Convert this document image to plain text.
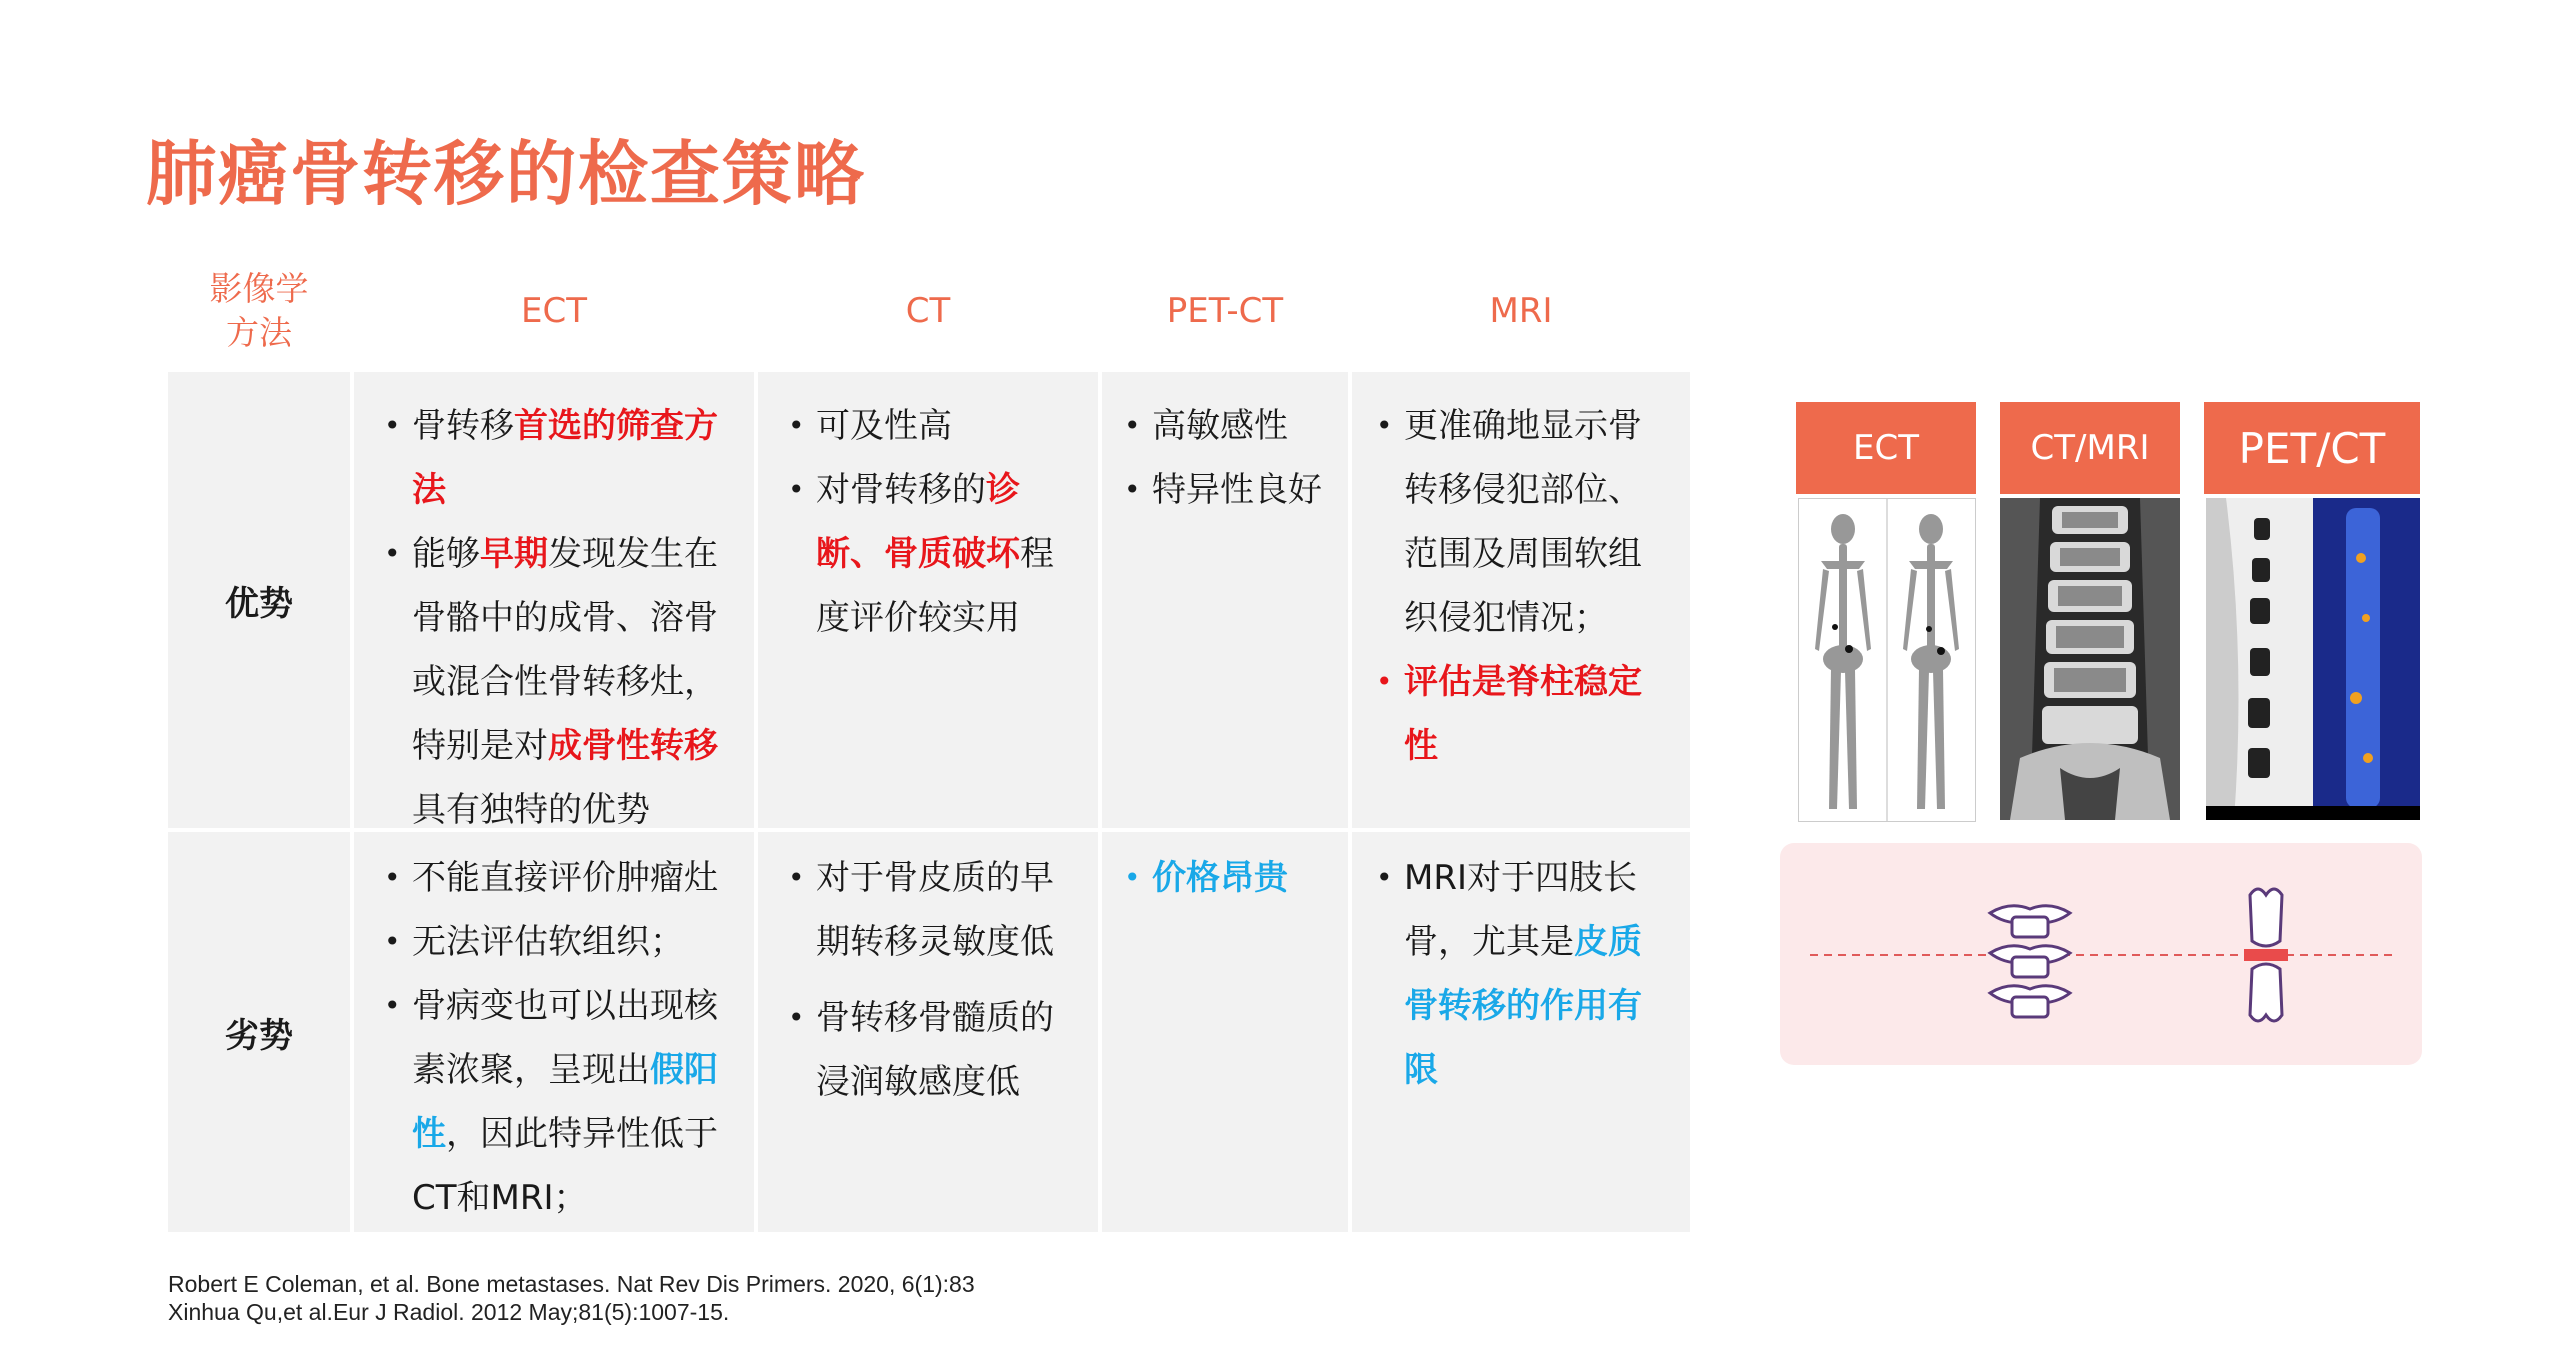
肺癌骨转移的检查策略
影像学
方法
ECT	CT	PET-CT	MRI
优势
• 骨转移首选的筛查方法
• 能够早期发现发生在骨骼中的成骨、溶骨或混合性骨转移灶，特别是对成骨性转移具有独特的优势
• 可及性高
• 对骨转移的诊断、骨质破坏程度评价较实用
• 高敏感性
• 特异性良好
• 更准确地显示骨转移侵犯部位、范围及周围软组织侵犯情况；
• 评估是脊柱稳定性
劣势
• 不能直接评价肿瘤灶
• 无法评估软组织；
• 骨病变也可以出现核素浓聚，呈现出假阳性，因此特异性低于CT和MRI；
• 对于骨皮质的早期转移灵敏度低
• 骨转移骨髓质的浸润敏感度低
• 价格昂贵
•	MRI对于四肢长骨，尤其是皮质骨转移的作用有限
ECT	CT/MRI	PET/CT
Robert E Coleman, et al. Bone metastases. Nat Rev Dis Primers. 2020, 6(1):83
Xinhua Qu,et al.Eur J Radiol. 2012 May;81(5):1007-15.
